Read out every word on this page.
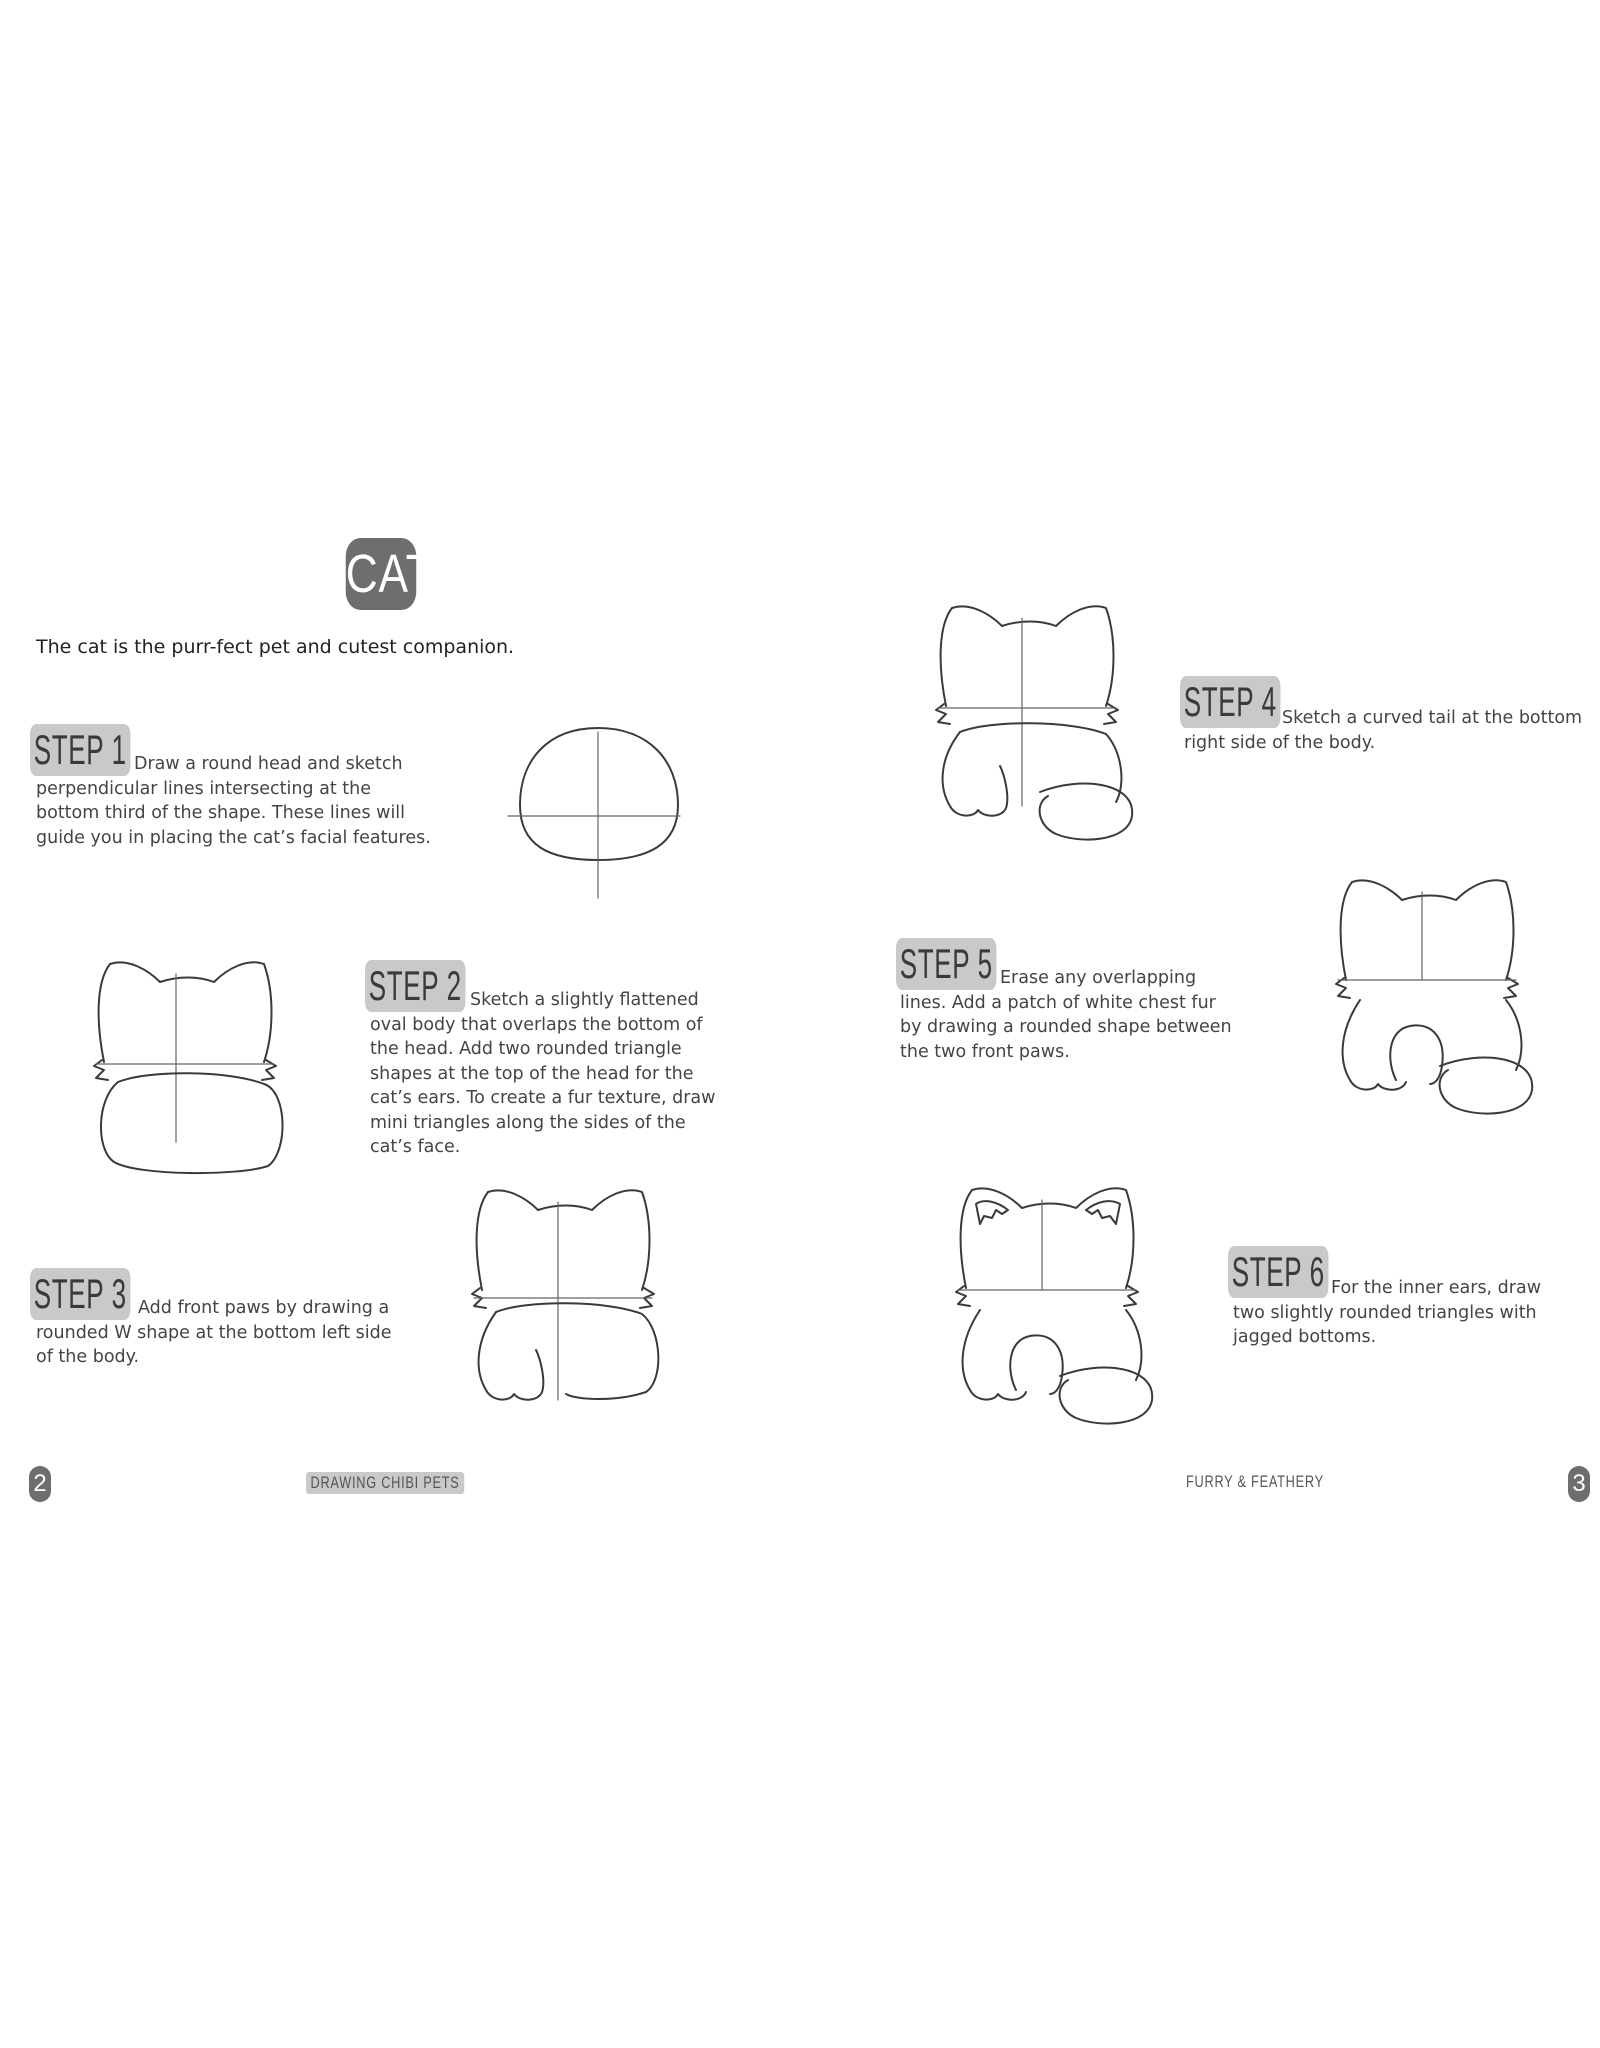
CAT
The cat is the purr-fect pet and cutest companion.
STEP 1 Draw a round head and sketch perpendicular lines intersecting at the bottom third of the shape. These lines will guide you in placing the cat’s facial features.
STEP 2 Sketch a slightly flattened oval body that overlaps the bottom of the head. Add two rounded triangle shapes at the top of the head for the cat’s ears. To create a fur texture, draw mini triangles along the sides of the cat’s face.
STEP 3 Add front paws by drawing a rounded W shape at the bottom left side of the body.
2	DRAWING CHIBI PETS
STEP 4 Sketch a curved tail at the bottom right side of the body.
STEP 5 Erase any overlapping lines. Add a patch of white chest fur by drawing a rounded shape between the two front paws.
STEP 6 For the inner ears, draw two slightly rounded triangles with jagged bottoms.
FURRY & FEATHERY	3
